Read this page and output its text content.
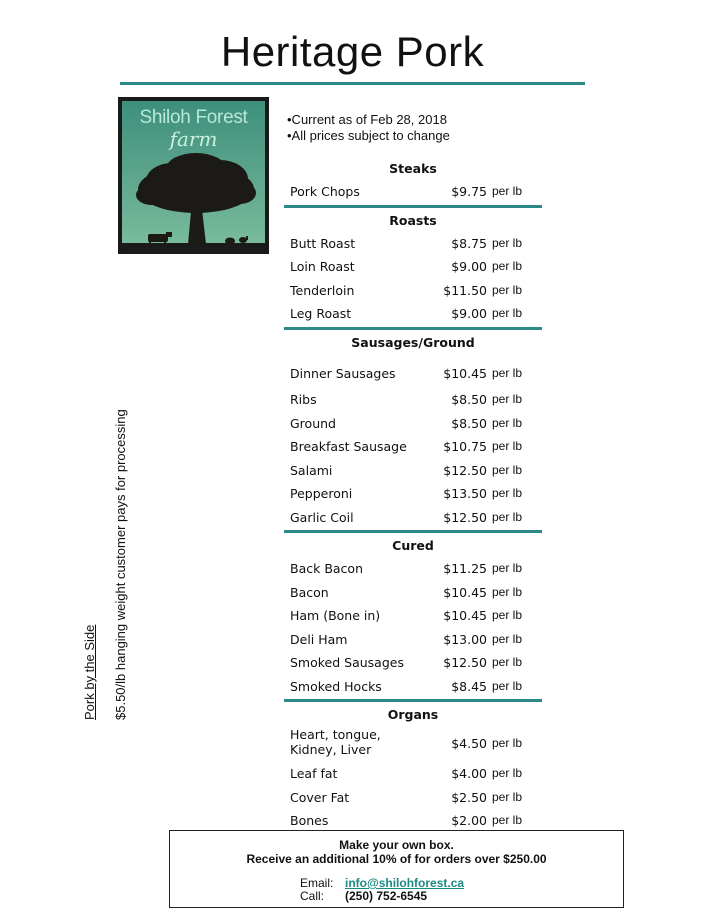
Heritage Pork
Shiloh Forest
farm
•Current as of Feb 28, 2018
•All prices subject to change
Steaks
Pork Chops	$9.75 per lb
Roasts
Butt Roast	$8.75 per lb
Loin Roast	$9.00 per lb
Tenderloin	$11.50 per lb
Leg Roast	$9.00 per lb
Sausages/Ground
Dinner Sausages	$10.45 per lb
Ribs	$8.50 per lb
Ground	$8.50 per lb
Breakfast Sausage	$10.75 per lb
Salami	$12.50 per lb
Pepperoni	$13.50 per lb
Garlic Coil	$12.50 per lb
Cured
Back Bacon	$11.25 per lb
Bacon	$10.45 per lb
Ham (Bone in)	$10.45 per lb
Deli Ham	$13.00 per lb
Smoked Sausages	$12.50 per lb
Smoked Hocks	$8.45 per lb
Organs
Heart, tongue, Kidney, Liver	$4.50 per lb
Leaf fat	$4.00 per lb
Cover Fat	$2.50 per lb
Bones	$2.00 per lb
Pork by the Side $5.50/lb hanging weight customer pays for processing
Make your own box.
Receive an additional 10% of for orders over $250.00
Email: info@shilohforest.ca
Call: (250) 752-6545
